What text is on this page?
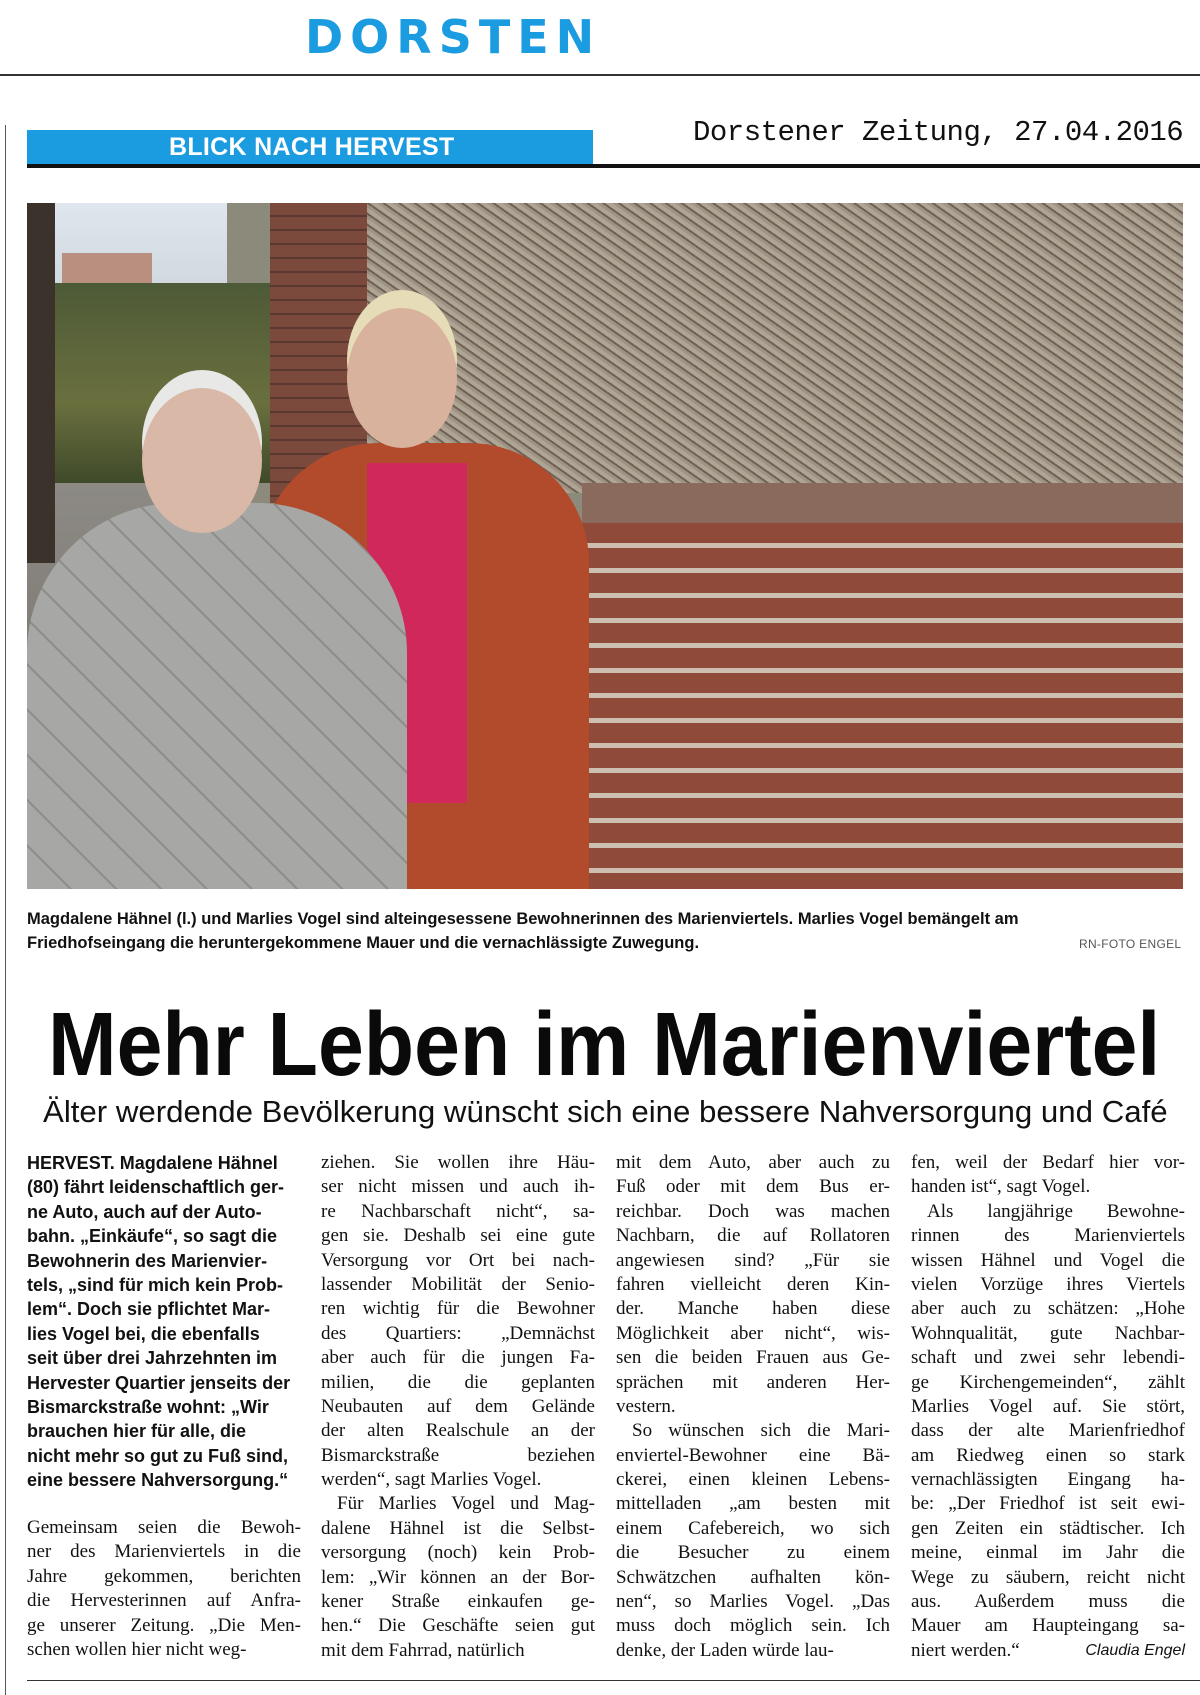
DORSTEN
BLICK NACH HERVEST	Dorstener Zeitung, 27.04.2016
Magdalene Hähnel (l.) und Marlies Vogel sind alteingesessene Bewohnerinnen des Marienviertels. Marlies Vogel bemängelt am Friedhofseingang die heruntergekommene Mauer und die vernachlässigte Zuwegung.	RN-FOTO ENGEL
Mehr Leben im Marienviertel
Älter werdende Bevölkerung wünscht sich eine bessere Nahversorgung und Café
HERVEST. Magdalene Hähnel
(80) fährt leidenschaftlich ger-
ne Auto, auch auf der Auto-
bahn. „Einkäufe“, so sagt die
Bewohnerin des Marienvier-
tels, „sind für mich kein Prob-
lem“. Doch sie pflichtet Mar-
lies Vogel bei, die ebenfalls
seit über drei Jahrzehnten im
Hervester Quartier jenseits der
Bismarckstraße wohnt: „Wir
brauchen hier für alle, die
nicht mehr so gut zu Fuß sind,
eine bessere Nahversorgung.“
Gemeinsam seien die Bewoh-
ner des Marienviertels in die
Jahre gekommen, berichten
die Hervesterinnen auf Anfra-
ge unserer Zeitung. „Die Men-
schen wollen hier nicht weg-
ziehen. Sie wollen ihre Häu-
ser nicht missen und auch ih-
re Nachbarschaft nicht“, sa-
gen sie. Deshalb sei eine gute
Versorgung vor Ort bei nach-
lassender Mobilität der Senio-
ren wichtig für die Bewohner
des Quartiers: „Demnächst
aber auch für die jungen Fa-
milien, die die geplanten
Neubauten auf dem Gelände
der alten Realschule an der
Bismarckstraße beziehen
werden“, sagt Marlies Vogel.
Für Marlies Vogel und Mag-
dalene Hähnel ist die Selbst-
versorgung (noch) kein Prob-
lem: „Wir können an der Bor-
kener Straße einkaufen ge-
hen.“ Die Geschäfte seien gut
mit dem Fahrrad, natürlich
mit dem Auto, aber auch zu
Fuß oder mit dem Bus er-
reichbar. Doch was machen
Nachbarn, die auf Rollatoren
angewiesen sind? „Für sie
fahren vielleicht deren Kin-
der. Manche haben diese
Möglichkeit aber nicht“, wis-
sen die beiden Frauen aus Ge-
sprächen mit anderen Her-
vestern.
So wünschen sich die Mari-
enviertel-Bewohner eine Bä-
ckerei, einen kleinen Lebens-
mittelladen „am besten mit
einem Cafebereich, wo sich
die Besucher zu einem
Schwätzchen aufhalten kön-
nen“, so Marlies Vogel. „Das
muss doch möglich sein. Ich
denke, der Laden würde lau-
fen, weil der Bedarf hier vor-
handen ist“, sagt Vogel.
Als langjährige Bewohne-
rinnen des Marienviertels
wissen Hähnel und Vogel die
vielen Vorzüge ihres Viertels
aber auch zu schätzen: „Hohe
Wohnqualität, gute Nachbar-
schaft und zwei sehr lebendi-
ge Kirchengemeinden“, zählt
Marlies Vogel auf. Sie stört,
dass der alte Marienfriedhof
am Riedweg einen so stark
vernachlässigten Eingang ha-
be: „Der Friedhof ist seit ewi-
gen Zeiten ein städtischer. Ich
meine, einmal im Jahr die
Wege zu säubern, reicht nicht
aus. Außerdem muss die
Mauer am Haupteingang sa-
niert werden.“	Claudia Engel
